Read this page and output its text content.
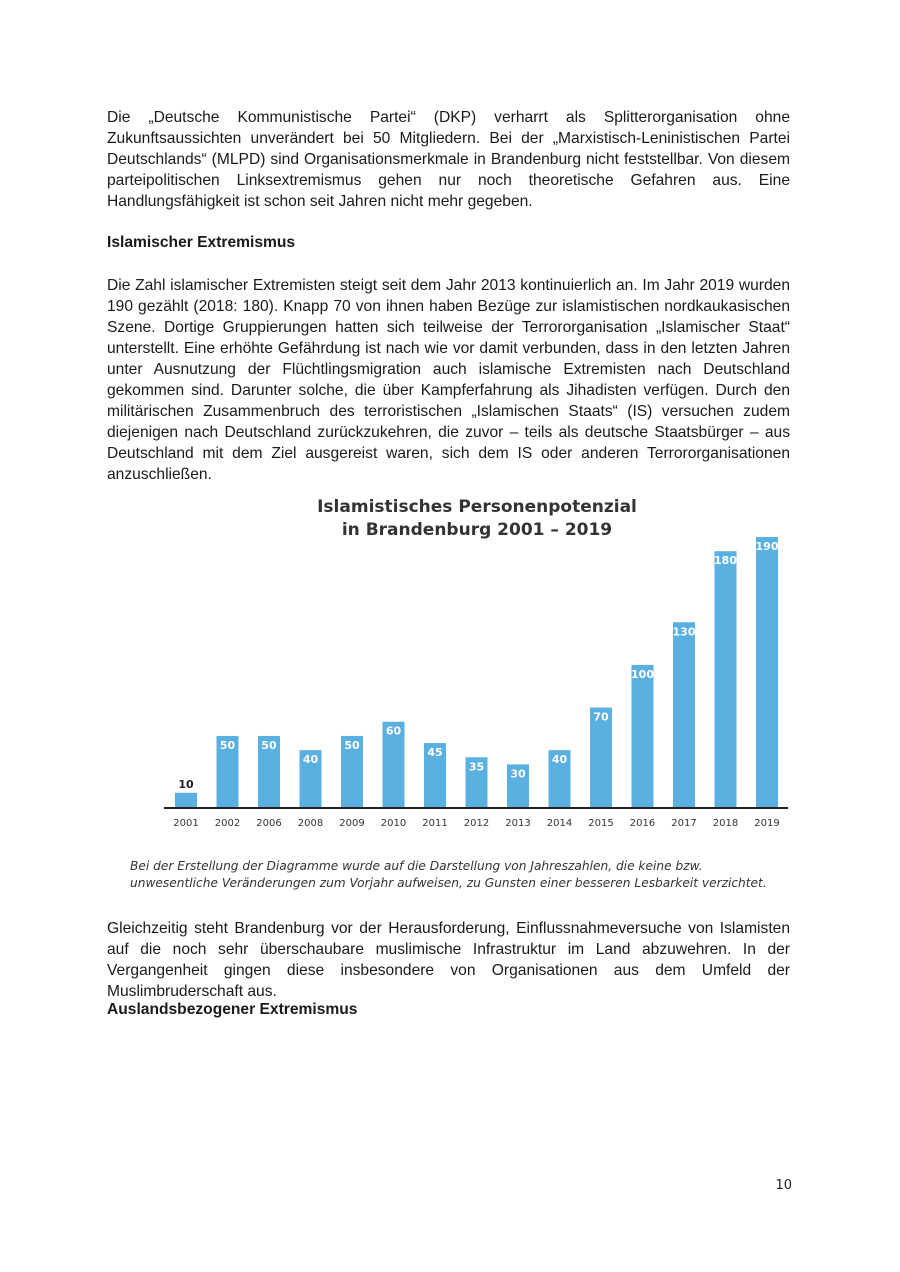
Die „Deutsche Kommunistische Partei“ (DKP) verharrt als Splitterorganisation ohne Zukunftsaussichten unverändert bei 50 Mitgliedern. Bei der „Marxistisch-Leninistischen Partei Deutschlands“ (MLPD) sind Organisationsmerkmale in Brandenburg nicht feststellbar. Von diesem parteipolitischen Linksextremismus gehen nur noch theoretische Gefahren aus. Eine Handlungsfähigkeit ist schon seit Jahren nicht mehr gegeben.

Islamischer Extremismus

Die Zahl islamischer Extremisten steigt seit dem Jahr 2013 kontinuierlich an. Im Jahr 2019 wurden 190 gezählt (2018: 180). Knapp 70 von ihnen haben Bezüge zur islamistischen nordkaukasischen Szene. Dortige Gruppierungen hatten sich teilweise der Terrororganisation „Islamischer Staat“ unterstellt. Eine erhöhte Gefährdung ist nach wie vor damit verbunden, dass in den letzten Jahren unter Ausnutzung der Flüchtlingsmigration auch islamische Extremisten nach Deutschland gekommen sind. Darunter solche, die über Kampferfahrung als Jihadisten verfügen. Durch den militärischen Zusammenbruch des terroristischen „Islamischen Staats“ (IS) versuchen zudem diejenigen nach Deutschland zurückzukehren, die zuvor – teils als deutsche Staatsbürger – aus Deutschland mit dem Ziel ausgereist waren, sich dem IS oder anderen Terrororganisationen anzuschließen.

Islamistisches Personenpotenzial
in Brandenburg 2001 – 2019
10
50 50
40
50
60
45
35
30
40
70
100
130
180
190
2001 2002 2006 2008 2009 2010 2011 2012 2013 2014 2015 2016 2017 2018 2019

Bei der Erstellung der Diagramme wurde auf die Darstellung von Jahreszahlen, die keine bzw. unwesentliche Veränderungen zum Vorjahr aufweisen, zu Gunsten einer besseren Lesbarkeit verzichtet.

Gleichzeitig steht Brandenburg vor der Herausforderung, Einflussnahmeversuche von Islamisten auf die noch sehr überschaubare muslimische Infrastruktur im Land abzuwehren. In der Vergangenheit gingen diese insbesondere von Organisationen aus dem Umfeld der Muslimbruderschaft aus.

Auslandsbezogener Extremismus

10
